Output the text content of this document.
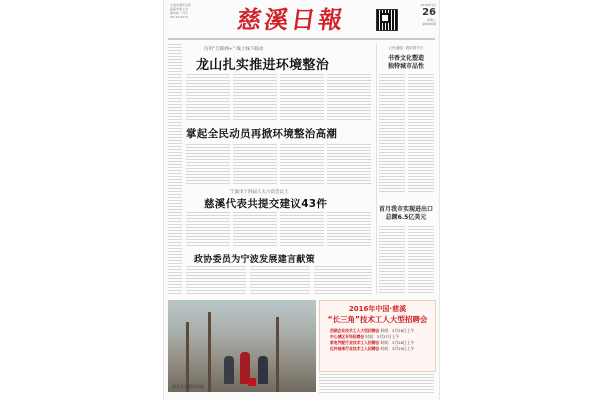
宁波市委机关报
慈溪市委主办
国内统一刊号
CN 33-0079	慈溪日報	2016年3月
26
星期六
第6080期
历用“互联网+” 线上线下联动
龙山扎实推进环境整治
掌起全民动员再掀环境整治高潮
宁波市十四届人大六次会议上
慈溪代表共提交建议43件
政协委员为宁波发展建言献策
公民道德 · 我们的节日
书香文化塑造
独特城市品性
首月我市实现进出口
总额6.5亿美元
桥头全民整治环境
2016年中国·慈溪
“长三角”技术工人大型招聘会
西湖企业技术工人大型招聘会 时间：3月26日上午
中心城区专场招聘会 时间：3月27日上午
家电汽配行业技术工人招聘会 时间：3月28日上午
化纤轴承行业技术工人招聘会 时间：3月29日上午
